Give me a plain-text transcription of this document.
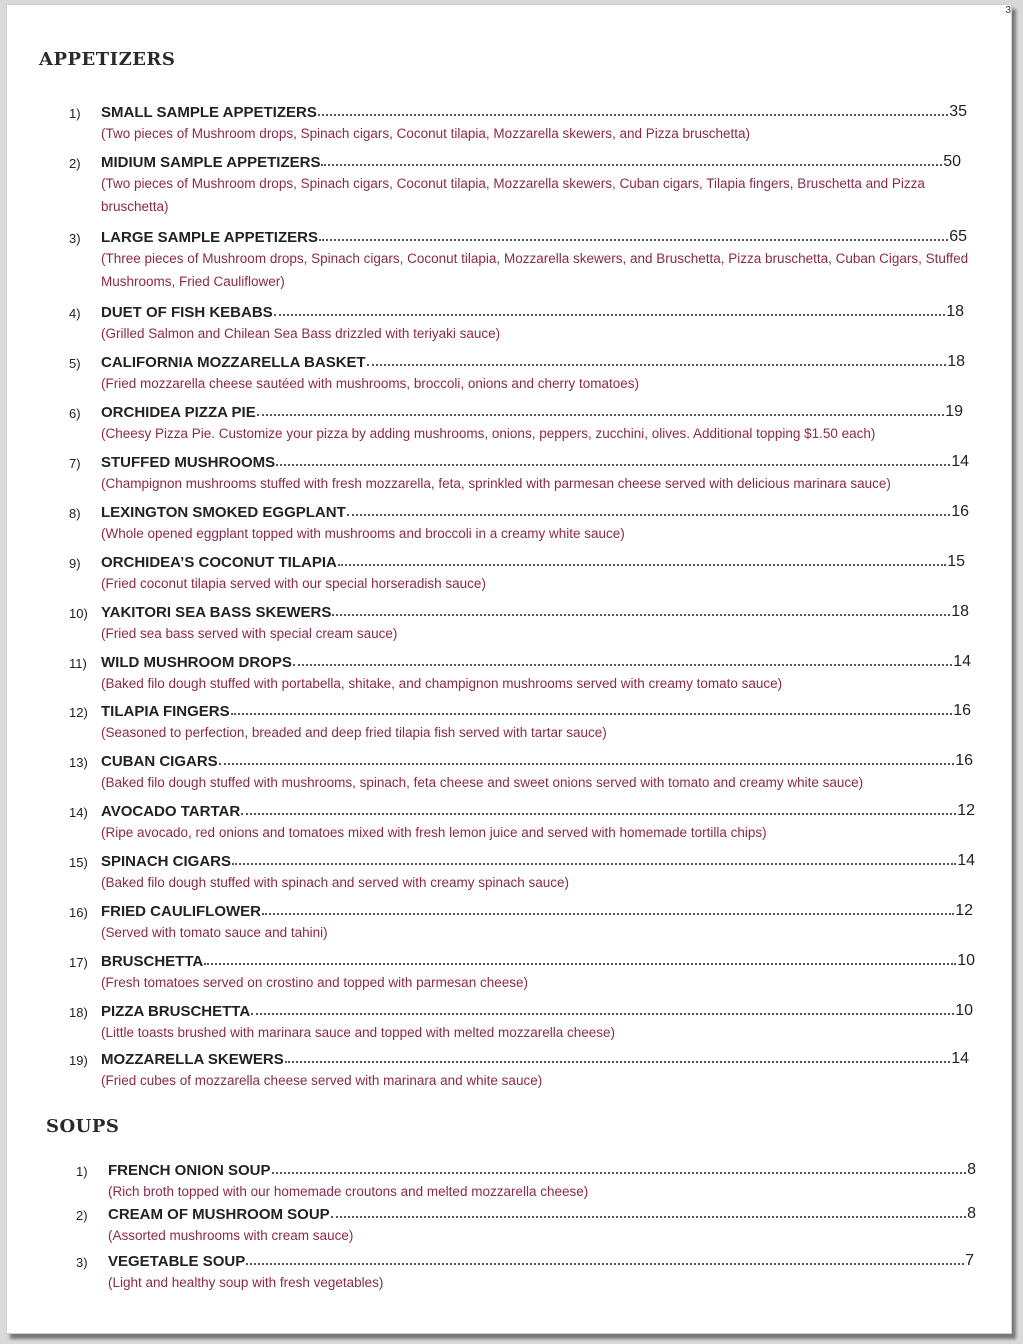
3
APPETIZERS
1)	SMALL SAMPLE APPETIZERS	35
(Two pieces of Mushroom drops, Spinach cigars, Coconut tilapia, Mozzarella skewers, and Pizza bruschetta)
2)	MIDIUM SAMPLE APPETIZERS	50
(Two pieces of Mushroom drops, Spinach cigars, Coconut tilapia, Mozzarella skewers, Cuban cigars, Tilapia fingers, Bruschetta and Pizza bruschetta)
3)	LARGE SAMPLE APPETIZERS	65
(Three pieces of Mushroom drops, Spinach cigars, Coconut tilapia, Mozzarella skewers, and Bruschetta, Pizza bruschetta, Cuban Cigars, Stuffed Mushrooms, Fried Cauliflower)
4)	DUET OF FISH KEBABS	18
(Grilled Salmon and Chilean Sea Bass drizzled with teriyaki sauce)
5)	CALIFORNIA MOZZARELLA BASKET	18
(Fried mozzarella cheese sautéed with mushrooms, broccoli, onions and cherry tomatoes)
6)	ORCHIDEA PIZZA PIE	19
(Cheesy Pizza Pie. Customize your pizza by adding mushrooms, onions, peppers, zucchini, olives. Additional topping $1.50 each)
7)	STUFFED MUSHROOMS	14
(Champignon mushrooms stuffed with fresh mozzarella, feta, sprinkled with parmesan cheese served with delicious marinara sauce)
8)	LEXINGTON SMOKED EGGPLANT	16
(Whole opened eggplant topped with mushrooms and broccoli in a creamy white sauce)
9)	ORCHIDEA’S COCONUT TILAPIA	15
(Fried coconut tilapia served with our special horseradish sauce)
10) YAKITORI SEA BASS SKEWERS	18
(Fried sea bass served with special cream sauce)
11) WILD MUSHROOM DROPS	14
(Baked filo dough stuffed with portabella, shitake, and champignon mushrooms served with creamy tomato sauce)
12) TILAPIA FINGERS	16
(Seasoned to perfection, breaded and deep fried tilapia fish served with tartar sauce)
13) CUBAN CIGARS	16
(Baked filo dough stuffed with mushrooms, spinach, feta cheese and sweet onions served with tomato and creamy white sauce)
14) AVOCADO TARTAR	12
(Ripe avocado, red onions and tomatoes mixed with fresh lemon juice and served with homemade tortilla chips)
15) SPINACH CIGARS	14
(Baked filo dough stuffed with spinach and served with creamy spinach sauce)
16) FRIED CAULIFLOWER	12
(Served with tomato sauce and tahini)
17) BRUSCHETTA	10
(Fresh tomatoes served on crostino and topped with parmesan cheese)
18) PIZZA BRUSCHETTA	10
(Little toasts brushed with marinara sauce and topped with melted mozzarella cheese)
19) MOZZARELLA SKEWERS	14
(Fried cubes of mozzarella cheese served with marinara and white sauce)
SOUPS
1)	FRENCH ONION SOUP	8
(Rich broth topped with our homemade croutons and melted mozzarella cheese)
2)	CREAM OF MUSHROOM SOUP	8
(Assorted mushrooms with cream sauce)
3)	VEGETABLE SOUP	7
(Light and healthy soup with fresh vegetables)
